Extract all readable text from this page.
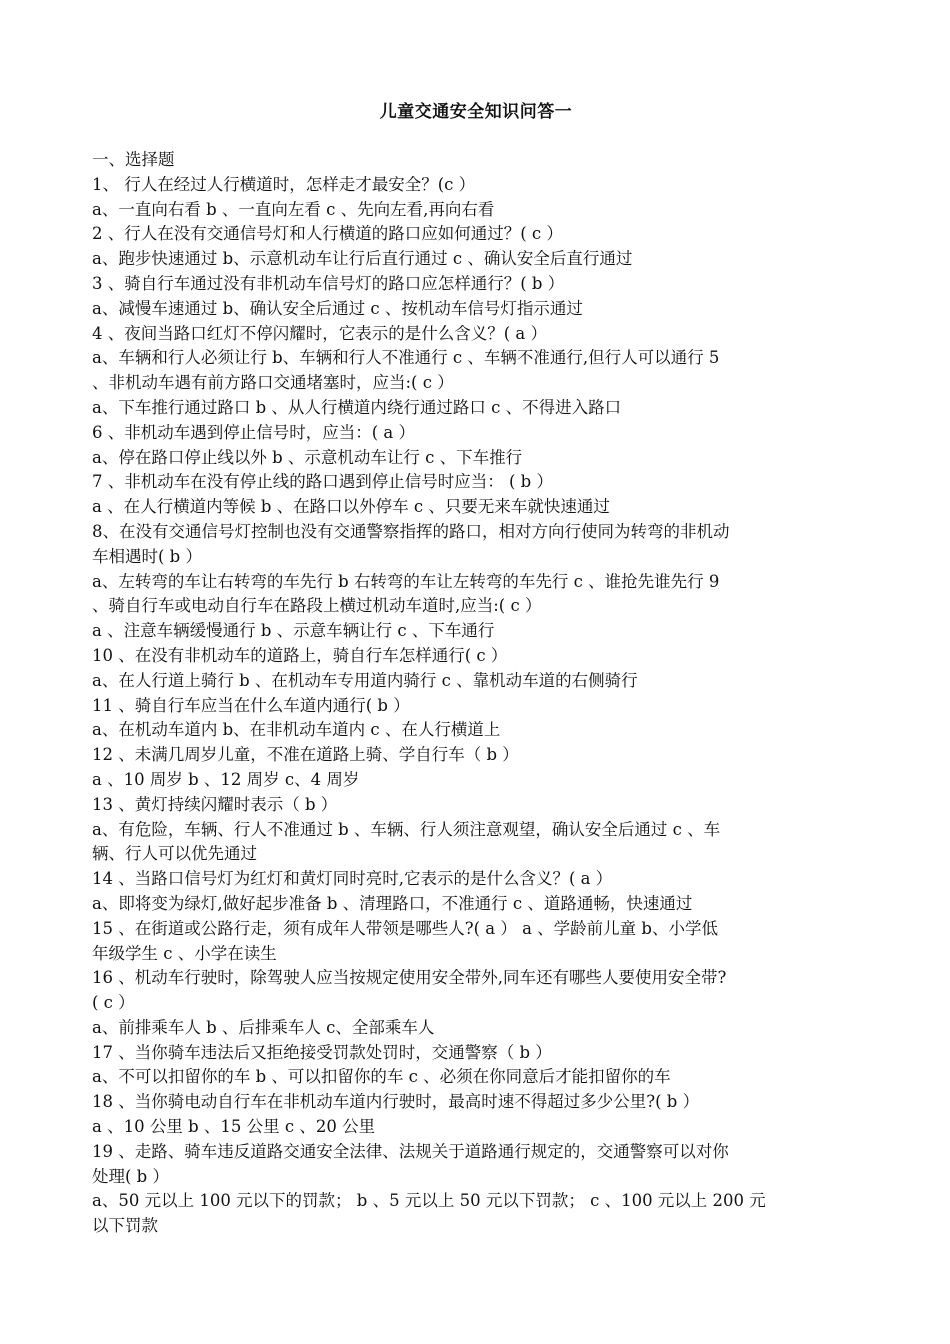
儿童交通安全知识问答一

一、选择题

1、 行人在经过人行横道时，怎样走才最安全？(c ）

a、一直向右看 b 、一直向左看 c 、先向左看,再向右看

2 、行人在没有交通信号灯和人行横道的路口应如何通过？( c ）

a、跑步快速通过 b、示意机动车让行后直行通过 c 、确认安全后直行通过

3 、骑自行车通过没有非机动车信号灯的路口应怎样通行？( b ）

a、减慢车速通过 b、确认安全后通过 c 、按机动车信号灯指示通过

4 、夜间当路口红灯不停闪耀时，它表示的是什么含义？( a ）

a、车辆和行人必须让行 b、车辆和行人不准通行 c 、车辆不准通行,但行人可以通行 5

、非机动车遇有前方路口交通堵塞时，应当:( c ）

a、下车推行通过路口 b 、从人行横道内绕行通过路口 c 、不得进入路口

6 、非机动车遇到停止信号时，应当：( a ）

a、停在路口停止线以外 b 、示意机动车让行 c 、下车推行

7 、非机动车在没有停止线的路口遇到停止信号时应当： ( b ）

a 、在人行横道内等候 b 、在路口以外停车 c 、只要无来车就快速通过

8、在没有交通信号灯控制也没有交通警察指挥的路口，相对方向行使同为转弯的非机动

车相遇时( b ）

a、左转弯的车让右转弯的车先行 b 右转弯的车让左转弯的车先行 c 、谁抢先谁先行 9

、骑自行车或电动自行车在路段上横过机动车道时,应当:( c ）

a 、注意车辆缓慢通行 b 、示意车辆让行 c 、下车通行

10 、在没有非机动车的道路上，骑自行车怎样通行( c ）

a、在人行道上骑行 b 、在机动车专用道内骑行 c 、靠机动车道的右侧骑行

11 、骑自行车应当在什么车道内通行( b ）

a、在机动车道内 b、在非机动车道内 c 、在人行横道上

12 、未满几周岁儿童，不准在道路上骑、学自行车（ b ）

a 、10 周岁 b 、12 周岁 c、4 周岁

13 、黄灯持续闪耀时表示（ b ）

a、有危险，车辆、行人不准通过 b 、车辆、行人须注意观望，确认安全后通过 c 、车

辆、行人可以优先通过

14 、当路口信号灯为红灯和黄灯同时亮时,它表示的是什么含义？( a ）

a、即将变为绿灯,做好起步准备 b 、清理路口，不准通行 c 、道路通畅，快速通过

15 、在街道或公路行走，须有成年人带领是哪些人?( a ） a 、学龄前儿童 b、小学低

年级学生 c 、小学在读生

16 、机动车行驶时，除驾驶人应当按规定使用安全带外,同车还有哪些人要使用安全带?

( c ）

a、前排乘车人 b 、后排乘车人 c、全部乘车人

17 、当你骑车违法后又拒绝接受罚款处罚时，交通警察（ b ）

a、不可以扣留你的车 b 、可以扣留你的车 c 、必须在你同意后才能扣留你的车

18 、当你骑电动自行车在非机动车道内行驶时，最高时速不得超过多少公里?( b ）

a 、10 公里 b 、15 公里 c 、20 公里

19 、走路、骑车违反道路交通安全法律、法规关于道路通行规定的，交通警察可以对你

处理( b ）

a、50 元以上 100 元以下的罚款； b 、5 元以上 50 元以下罚款； c 、100 元以上 200 元

以下罚款
